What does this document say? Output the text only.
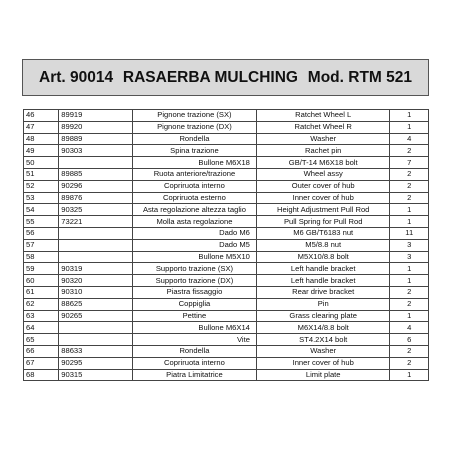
Art. 90014 RASAERBA MULCHING Mod. RTM 521
46	89919	Pignone trazione (SX)	Ratchet Wheel L	1
47	89920	Pignone trazione (DX)	Ratchet Wheel R	1
48	89889	Rondella	Washer	4
49	90303	Spina trazione	Rachet pin	2
50		Bullone M6X18	GB/T-14 M6X18 bolt	7
51	89885	Ruota anteriore/trazione	Wheel assy	2
52	90296	Copriruota interno	Outer cover of hub	2
53	89876	Copriruota esterno	Inner cover of hub	2
54	90325	Asta regolazione altezza taglio	Height Adjustment Pull Rod	1
55	73221	Molla asta regolazione	Pull Spring for Pull Rod	1
56		Dado M6	M6 GB/T6183 nut	11
57		Dado M5	M5/8.8 nut	3
58		Bullone M5X10	M5X10/8.8 bolt	3
59	90319	Supporto trazione (SX)	Left handle bracket	1
60	90320	Supporto trazione (DX)	Left handle bracket	1
61	90310	Piastra fissaggio	Rear drive bracket	2
62	88625	Coppiglia	Pin	2
63	90265	Pettine	Grass clearing plate	1
64		Bullone M6X14	M6X14/8.8 bolt	4
65		Vite	ST4.2X14 bolt	6
66	88633	Rondella	Washer	2
67	90295	Copriruota interno	Inner cover of hub	2
68	90315	Piatra Limitatrice	Limit plate	1
